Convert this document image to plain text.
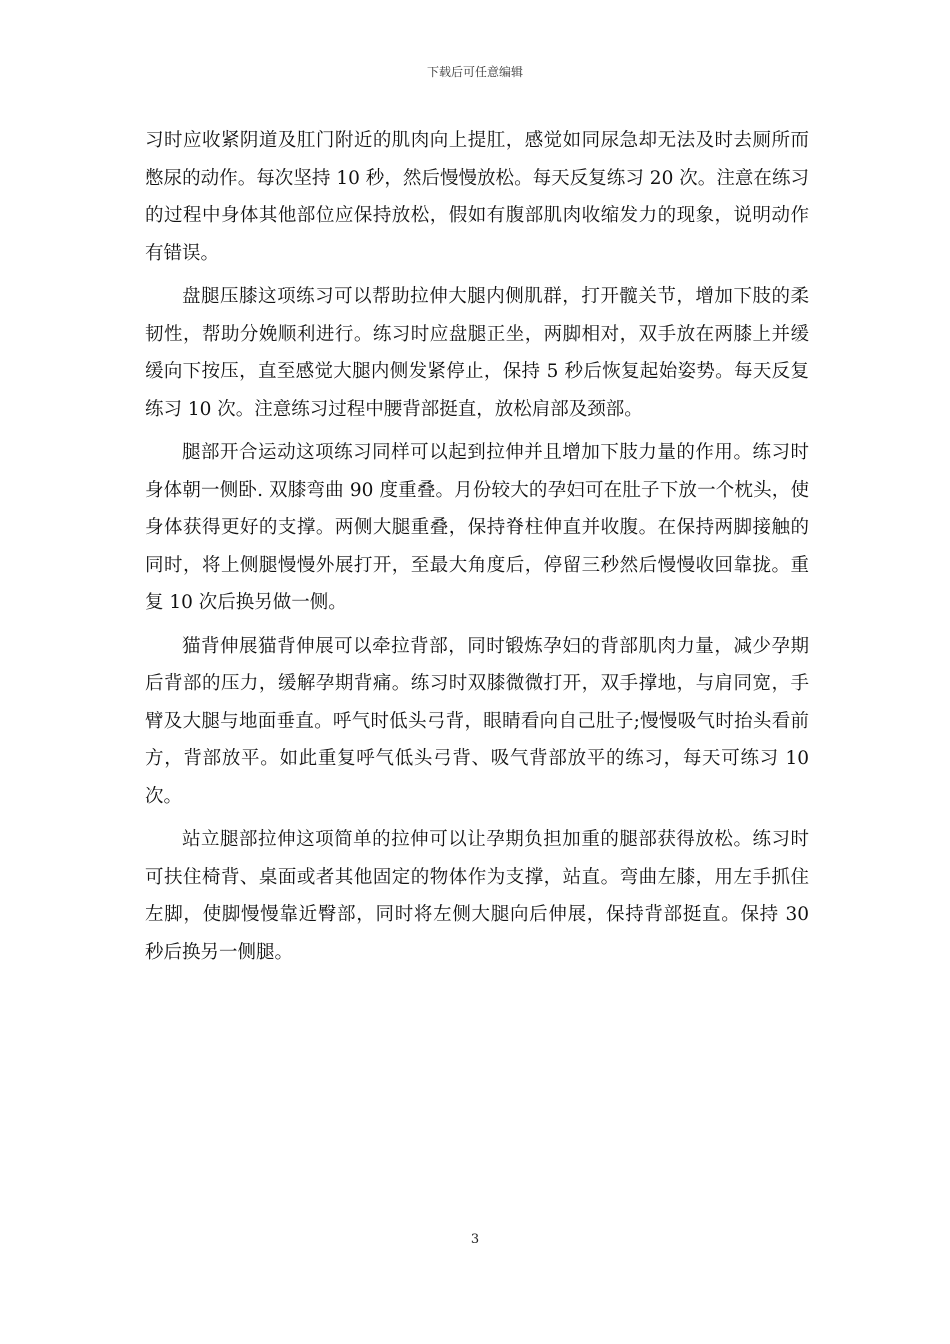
下载后可任意编辑

习时应收紧阴道及肛门附近的肌肉向上提肛，感觉如同尿急却无法及时去厕所而憋尿的动作。每次坚持 10 秒，然后慢慢放松。每天反复练习 20 次。注意在练习的过程中身体其他部位应保持放松，假如有腹部肌肉收缩发力的现象，说明动作有错误。

盘腿压膝这项练习可以帮助拉伸大腿内侧肌群，打开髋关节，增加下肢的柔韧性，帮助分娩顺利进行。练习时应盘腿正坐，两脚相对，双手放在两膝上并缓缓向下按压，直至感觉大腿内侧发紧停止，保持 5 秒后恢复起始姿势。每天反复练习 10 次。注意练习过程中腰背部挺直，放松肩部及颈部。

腿部开合运动这项练习同样可以起到拉伸并且增加下肢力量的作用。练习时身体朝一侧卧. 双膝弯曲 90 度重叠。月份较大的孕妇可在肚子下放一个枕头，使身体获得更好的支撑。两侧大腿重叠，保持脊柱伸直并收腹。在保持两脚接触的同时，将上侧腿慢慢外展打开，至最大角度后，停留三秒然后慢慢收回靠拢。重复 10 次后换另做一侧。

猫背伸展猫背伸展可以牵拉背部，同时锻炼孕妇的背部肌肉力量，减少孕期后背部的压力，缓解孕期背痛。练习时双膝微微打开，双手撑地，与肩同宽，手臂及大腿与地面垂直。呼气时低头弓背，眼睛看向自己肚子;慢慢吸气时抬头看前方，背部放平。如此重复呼气低头弓背、吸气背部放平的练习，每天可练习 10 次。

站立腿部拉伸这项简单的拉伸可以让孕期负担加重的腿部获得放松。练习时可扶住椅背、桌面或者其他固定的物体作为支撑，站直。弯曲左膝，用左手抓住左脚，使脚慢慢靠近臀部，同时将左侧大腿向后伸展，保持背部挺直。保持 30 秒后换另一侧腿。

3
